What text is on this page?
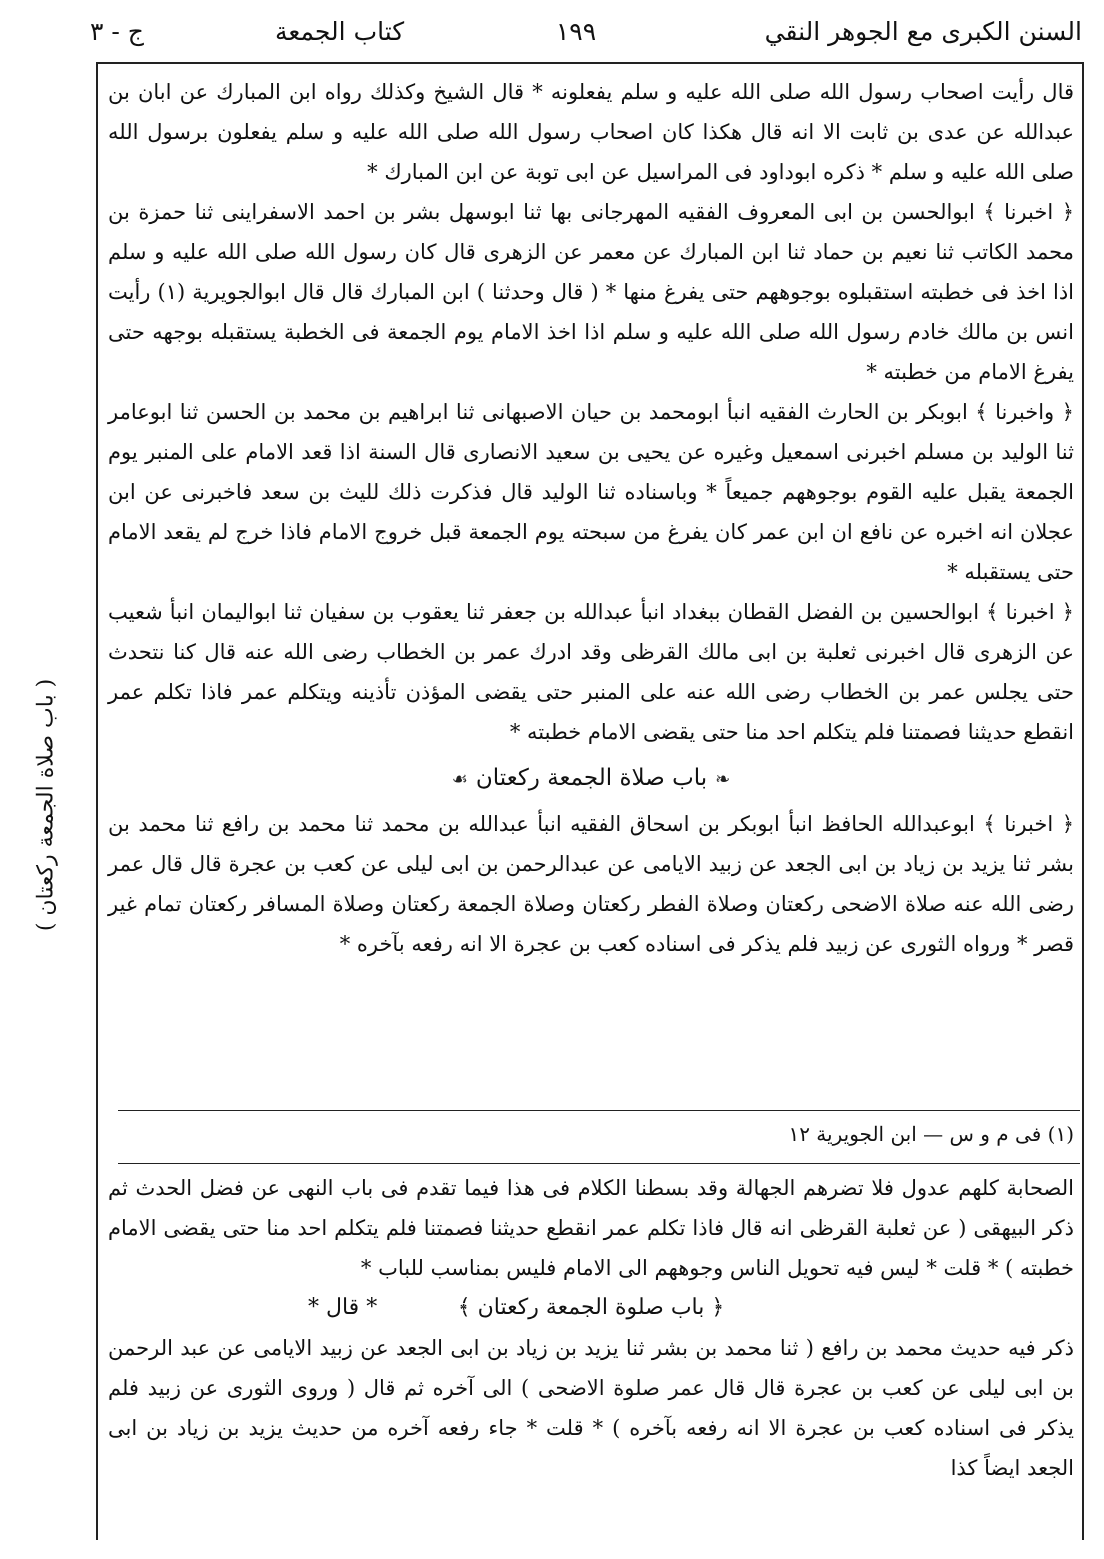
السنن الكبرى مع الجوهر النقي
١٩٩
كتاب الجمعة
ج - ٣

قال رأيت اصحاب رسول الله صلى الله عليه و سلم يفعلونه * قال الشيخ وكذلك رواه ابن المبارك عن ابان بن عبدالله عن عدى بن ثابت الا انه قال هكذا كان اصحاب رسول الله صلى الله عليه و سلم يفعلون برسول الله صلى الله عليه و سلم * ذكره ابوداود فى المراسيل عن ابى توبة عن ابن المبارك *

﴿ اخبرنا ﴾ ابوالحسن بن ابى المعروف الفقيه المهرجانى بها ثنا ابوسهل بشر بن احمد الاسفراينى ثنا حمزة بن محمد الكاتب ثنا نعيم بن حماد ثنا ابن المبارك عن معمر عن الزهرى قال كان رسول الله صلى الله عليه و سلم اذا اخذ فى خطبته استقبلوه بوجوههم حتى يفرغ منها * ( قال وحدثنا ) ابن المبارك قال قال ابوالجويرية (١) رأيت انس بن مالك خادم رسول الله صلى الله عليه و سلم اذا اخذ الامام يوم الجمعة فى الخطبة يستقبله بوجهه حتى يفرغ الامام من خطبته *

﴿ واخبرنا ﴾ ابوبكر بن الحارث الفقيه انبأ ابومحمد بن حيان الاصبهانى ثنا ابراهيم بن محمد بن الحسن ثنا ابوعامر ثنا الوليد بن مسلم اخبرنى اسمعيل وغيره عن يحيى بن سعيد الانصارى قال السنة اذا قعد الامام على المنبر يوم الجمعة يقبل عليه القوم بوجوههم جميعاً * وباسناده ثنا الوليد قال فذكرت ذلك لليث بن سعد فاخبرنى عن ابن عجلان انه اخبره عن نافع ان ابن عمر كان يفرغ من سبحته يوم الجمعة قبل خروج الامام فاذا خرج لم يقعد الامام حتى يستقبله *

﴿ اخبرنا ﴾ ابوالحسين بن الفضل القطان ببغداد انبأ عبدالله بن جعفر ثنا يعقوب بن سفيان ثنا ابواليمان انبأ شعيب عن الزهرى قال اخبرنى ثعلبة بن ابى مالك القرظى وقد ادرك عمر بن الخطاب رضى الله عنه قال كنا نتحدث حتى يجلس عمر بن الخطاب رضى الله عنه على المنبر حتى يقضى المؤذن تأذينه ويتكلم عمر فاذا تكلم عمر انقطع حديثنا فصمتنا فلم يتكلم احد منا حتى يقضى الامام خطبته *

❧باب صلاة الجمعة ركعتان☙

﴿ اخبرنا ﴾ ابوعبدالله الحافظ انبأ ابوبكر بن اسحاق الفقيه انبأ عبدالله بن محمد ثنا محمد بن رافع ثنا محمد بن بشر ثنا يزيد بن زياد بن ابى الجعد عن زبيد الايامى عن عبدالرحمن بن ابى ليلى عن كعب بن عجرة قال قال عمر رضى الله عنه صلاة الاضحى ركعتان وصلاة الفطر ركعتان وصلاة الجمعة ركعتان وصلاة المسافر ركعتان تمام غير قصر * ورواه الثورى عن زبيد فلم يذكر فى اسناده كعب بن عجرة الا انه رفعه بآخره *

(١) فى م و س — ابن الجويرية ١٢

الصحابة كلهم عدول فلا تضرهم الجهالة وقد بسطنا الكلام فى هذا فيما تقدم فى باب النهى عن فضل الحدث ثم ذكر البيهقى ( عن ثعلبة القرظى انه قال فاذا تكلم عمر انقطع حديثنا فصمتنا فلم يتكلم احد منا حتى يقضى الامام خطبته ) * قلت * ليس فيه تحويل الناس وجوههم الى الامام فليس بمناسب للباب *

* قال *	﴿ باب صلوة الجمعة ركعتان ﴾

ذكر فيه حديث محمد بن رافع ( ثنا محمد بن بشر ثنا يزيد بن زياد بن ابى الجعد عن زبيد الايامى عن عبد الرحمن بن ابى ليلى عن كعب بن عجرة قال قال عمر صلوة الاضحى ) الى آخره ثم قال ( وروى الثورى عن زبيد فلم يذكر فى اسناده كعب بن عجرة الا انه رفعه بآخره ) * قلت * جاء رفعه آخره من حديث يزيد بن زياد بن ابى الجعد ايضاً كذا

( باب صلاة الجمعة ركعتان )
